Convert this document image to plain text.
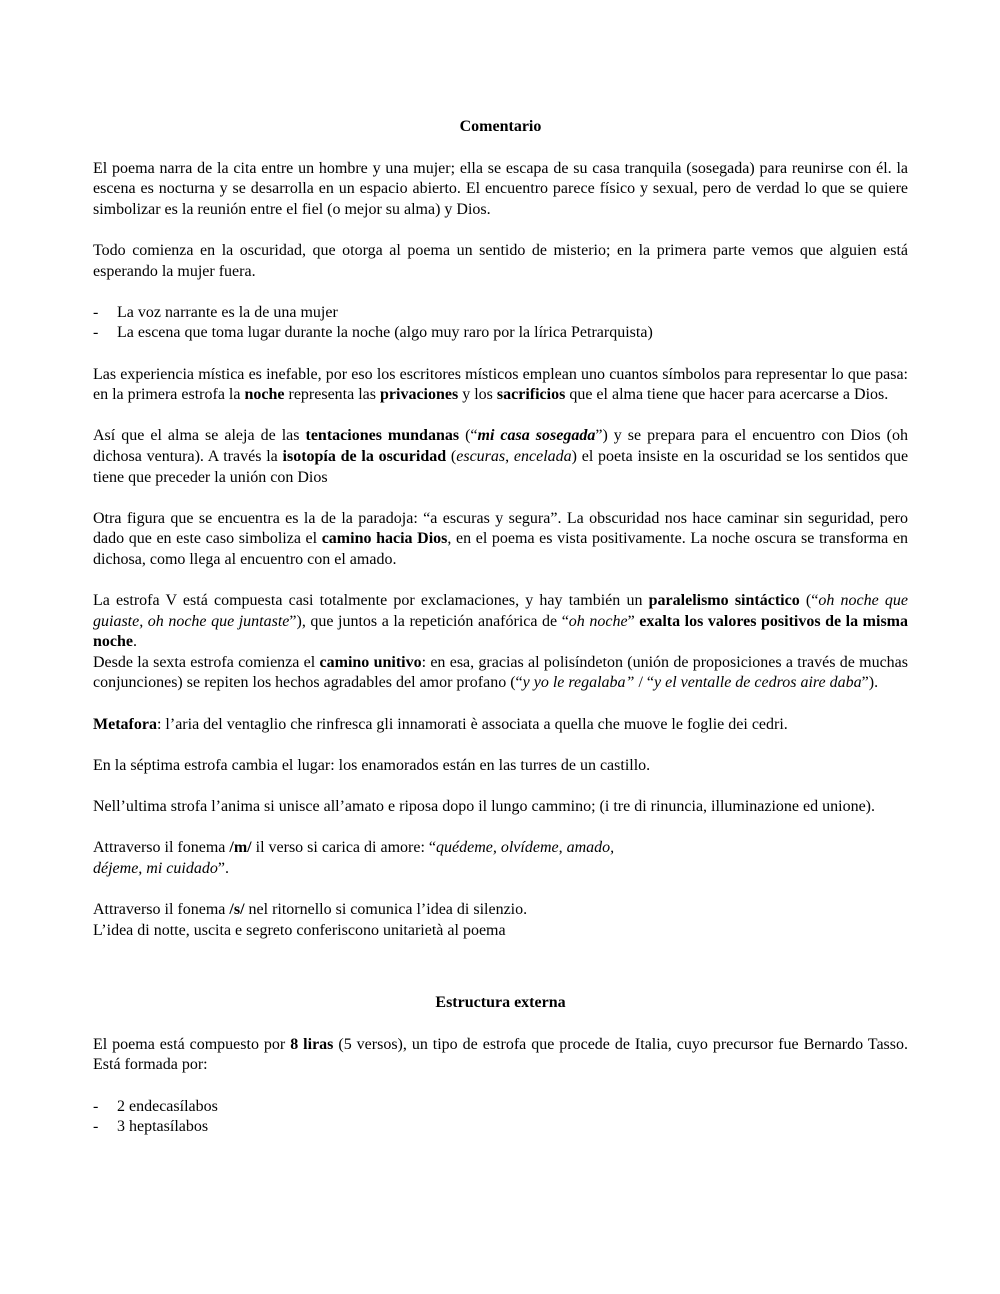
Comentario

El poema narra de la cita entre un hombre y una mujer; ella se escapa de su casa tranquila (sosegada) para reunirse con él. la escena es nocturna y se desarrolla en un espacio abierto. El encuentro parece físico y sexual, pero de verdad lo que se quiere simbolizar es la reunión entre el fiel (o mejor su alma) y Dios.

Todo comienza en la oscuridad, que otorga al poema un sentido de misterio; en la primera parte vemos que alguien está esperando la mujer fuera.

- La voz narrante es la de una mujer
- La escena que toma lugar durante la noche (algo muy raro por la lírica Petrarquista)

Las experiencia mística es inefable, por eso los escritores místicos emplean uno cuantos símbolos para representar lo que pasa: en la primera estrofa la noche representa las privaciones y los sacrificios que el alma tiene que hacer para acercarse a Dios.

Así que el alma se aleja de las tentaciones mundanas (“mi casa sosegada”) y se prepara para el encuentro con Dios (oh dichosa ventura). A través la isotopía de la oscuridad (escuras, encelada) el poeta insiste en la oscuridad se los sentidos que tiene que preceder la unión con Dios

Otra figura que se encuentra es la de la paradoja: “a escuras y segura”. La obscuridad nos hace caminar sin seguridad, pero dado que en este caso simboliza el camino hacia Dios, en el poema es vista positivamente. La noche oscura se transforma en dichosa, como llega al encuentro con el amado.

La estrofa V está compuesta casi totalmente por exclamaciones, y hay también un paralelismo sintáctico (“oh noche que guiaste, oh noche que juntaste”), que juntos a la repetición anafórica de “oh noche” exalta los valores positivos de la misma noche.

Desde la sexta estrofa comienza el camino unitivo: en esa, gracias al polisíndeton (unión de proposiciones a través de muchas conjunciones) se repiten los hechos agradables del amor profano (“y yo le regalaba” / “y el ventalle de cedros aire daba”).

Metafora: l’aria del ventaglio che rinfresca gli innamorati è associata a quella che muove le foglie dei cedri.

En la séptima estrofa cambia el lugar: los enamorados están en las turres de un castillo.

Nell’ultima strofa l’anima si unisce all’amato e riposa dopo il lungo cammino; (i tre di rinuncia, illuminazione ed unione).

Attraverso il fonema /m/ il verso si carica di amore: “quédeme, olvídeme, amado,
déjeme, mi cuidado”.

Attraverso il fonema /s/ nel ritornello si comunica l’idea di silenzio.

L’idea di notte, uscita e segreto conferiscono unitarietà al poema

Estructura externa

El poema está compuesto por 8 liras (5 versos), un tipo de estrofa que procede de Italia, cuyo precursor fue Bernardo Tasso. Está formada por:

- 2 endecasílabos
- 3 heptasílabos
